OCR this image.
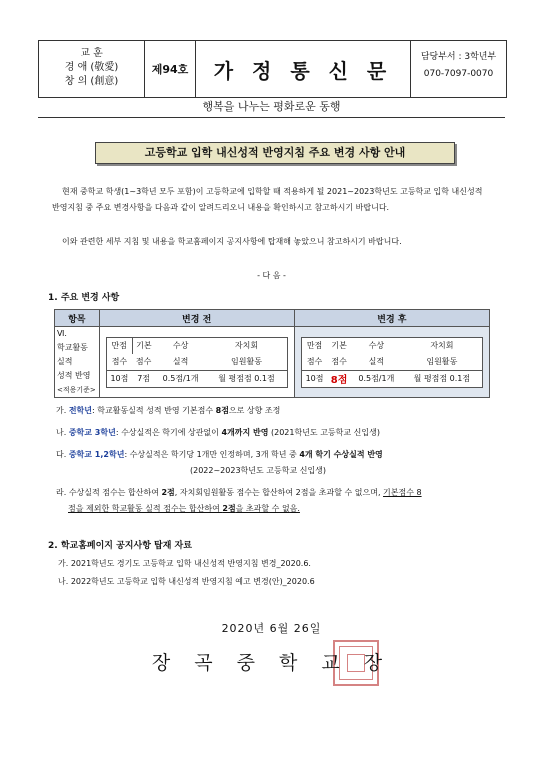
교 훈
경 애 (敬愛)
창 의 (創意)
제94호	가 정 통 신 문
담당부서 : 3학년부
070-7097-0070
행복을 나누는 평화로운 동행
고등학교 입학 내신성적 반영지침 주요 변경 사항 안내
현재 중학교 학생(1~3학년 모두 포함)이 고등학교에 입학할 때 적용하게 될 2021~2023학년도 고등학교 입학 내신성적 반영지침 중 주요 변경사항을 다음과 같이 알려드리오니 내용을 확인하시고 참고하시기 바랍니다.
이와 관련한 세부 지침 및 내용을 학교홈페이지 공지사항에 탑재해 놓았으니 참고하시기 바랍니다.
- 다 음 -
1. 주요 변경 사항
항목	변경 전	변경 후

Ⅵ.
학교활동
실적
성적 반영
<적용기준>

만점	기본	수상	자치회
점수	점수	실적	임원활동
10점	7점	0.5점/1개	월 평점점 0.1점

만점	기본	수상	자치회
점수	점수	실적	임원활동
10점	8점	0.5점/1개	월 평점점 0.1점
가. 전학년: 학교활동실적 성적 반영 기본점수 8점으로 상향 조정
나. 중학교 3학년: 수상실적은 학기에 상관없이 4개까지 반영 (2021학년도 고등학교 신입생)
다. 중학교 1,2학년: 수상실적은 학기당 1개만 인정하며, 3개 학년 중 4개 학기 수상실적 반영
(2022~2023학년도 고등학교 신입생)
라. 수상실적 점수는 합산하여 2점, 자치회임원활동 점수는 합산하여 2점을 초과할 수 없으며, 기본점수 8
점을 제외한 학교활동 실적 점수는 합산하여 2점을 초과할 수 없음.
2. 학교홈페이지 공지사항 탑재 자료
가. 2021학년도 경기도 고등학교 입학 내신성적 반영지침 변경_2020.6.
나. 2022학년도 고등학교 입학 내신성적 반영지침 예고 변경(안)_2020.6
2020년 6월 26일
장 곡 중 학 교 장
